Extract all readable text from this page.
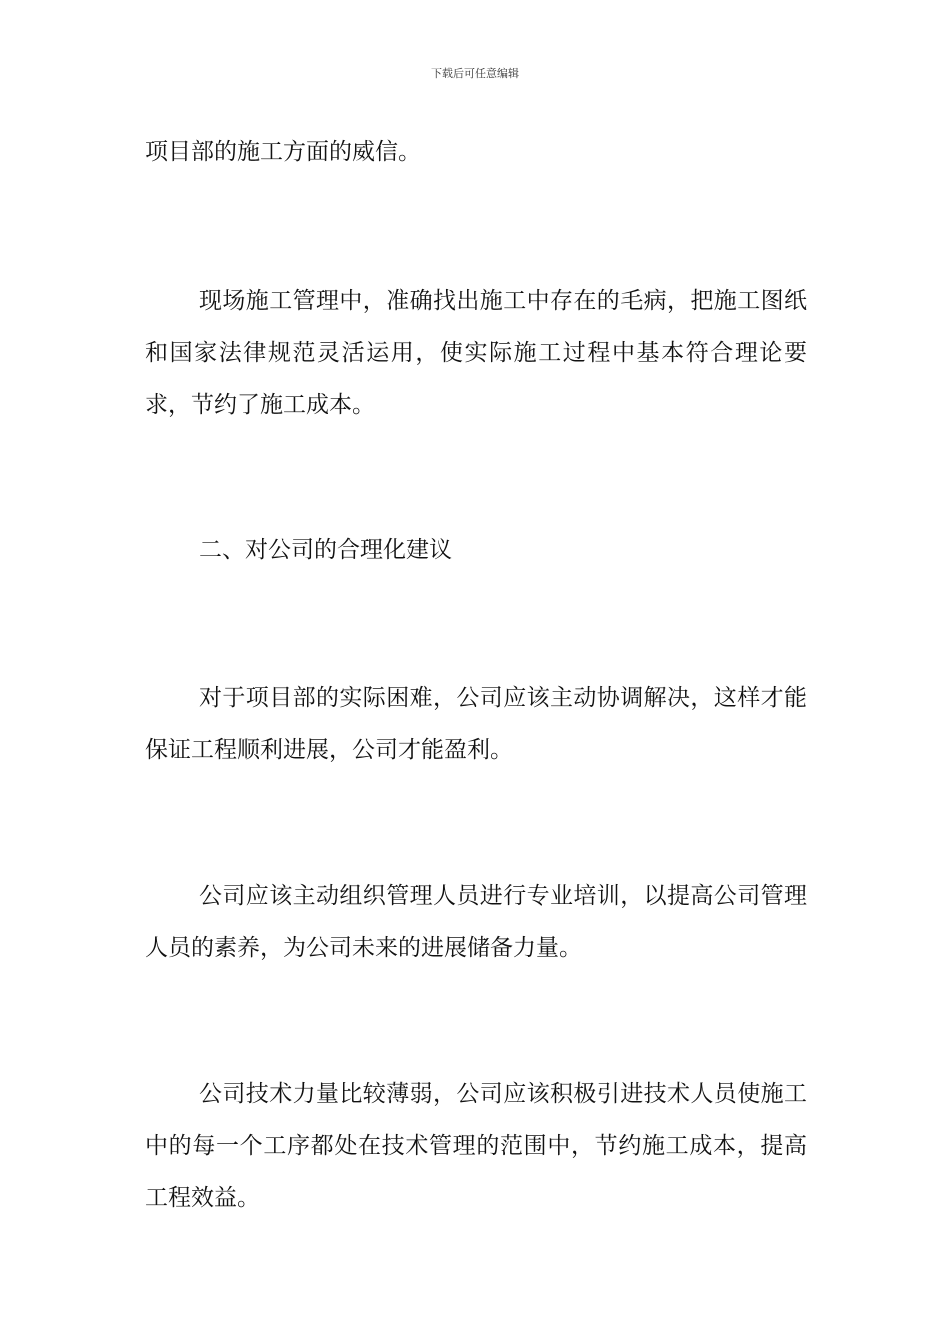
下载后可任意编辑

项目部的施工方面的威信。

现场施工管理中，准确找出施工中存在的毛病，把施工图纸和国家法律规范灵活运用，使实际施工过程中基本符合理论要求，节约了施工成本。

二、对公司的合理化建议

对于项目部的实际困难，公司应该主动协调解决，这样才能保证工程顺利进展，公司才能盈利。

公司应该主动组织管理人员进行专业培训，以提高公司管理人员的素养，为公司未来的进展储备力量。

公司技术力量比较薄弱，公司应该积极引进技术人员使施工中的每一个工序都处在技术管理的范围中，节约施工成本，提高工程效益。
